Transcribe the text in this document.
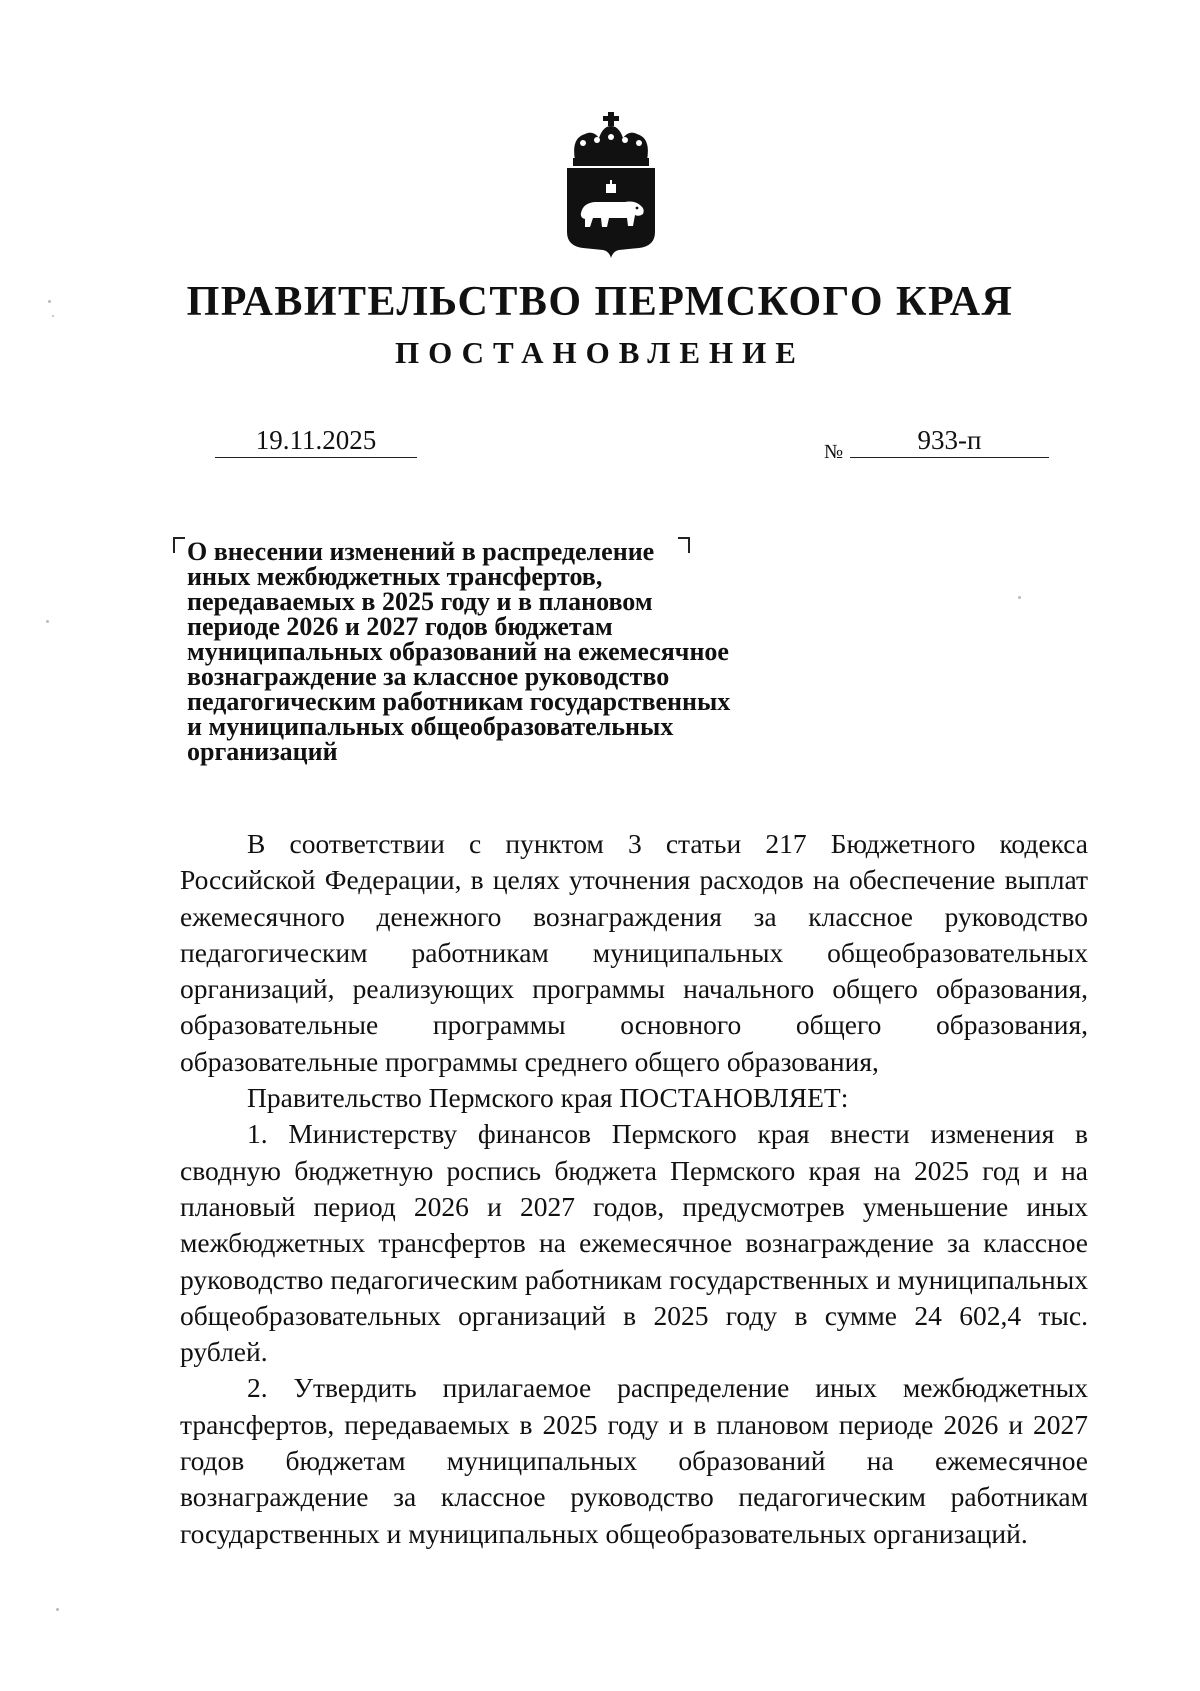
ПРАВИТЕЛЬСТВО ПЕРМСКОГО КРАЯ
ПОСТАНОВЛЕНИЕ
19.11.2025	№	933-п
О внесении изменений в распределение
иных межбюджетных трансфертов,
передаваемых в 2025 году и в плановом
периоде 2026 и 2027 годов бюджетам
муниципальных образований на ежемесячное
вознаграждение за классное руководство
педагогическим работникам государственных
и муниципальных общеобразовательных
организаций

В соответствии с пунктом 3 статьи 217 Бюджетного кодекса Российской Федерации, в целях уточнения расходов на обеспечение выплат ежемесячного денежного вознаграждения за классное руководство педагогическим работникам муниципальных общеобразовательных организаций, реализующих программы начального общего образования, образовательные программы основного общего образования, образовательные программы среднего общего образования,

Правительство Пермского края ПОСТАНОВЛЯЕТ:

1. Министерству финансов Пермского края внести изменения в сводную бюджетную роспись бюджета Пермского края на 2025 год и на плановый период 2026 и 2027 годов, предусмотрев уменьшение иных межбюджетных трансфертов на ежемесячное вознаграждение за классное руководство педагогическим работникам государственных и муниципальных общеобразовательных организаций в 2025 году в сумме 24 602,4 тыс. рублей.

2. Утвердить прилагаемое распределение иных межбюджетных трансфертов, передаваемых в 2025 году и в плановом периоде 2026 и 2027 годов бюджетам муниципальных образований на ежемесячное вознаграждение за классное руководство педагогическим работникам государственных и муниципальных общеобразовательных организаций.
